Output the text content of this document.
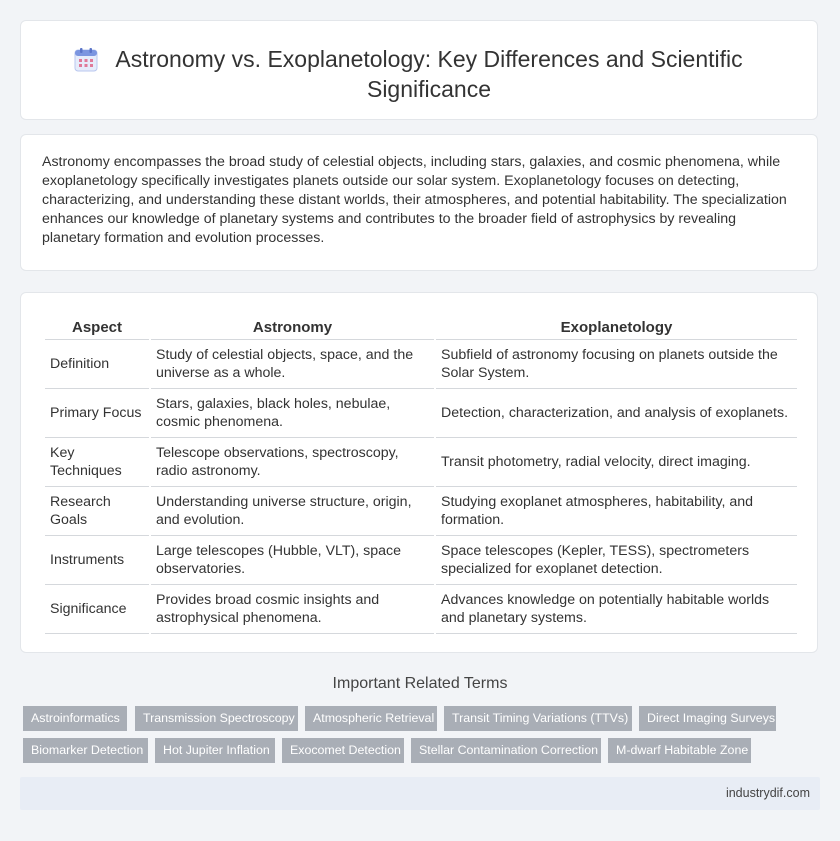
Astronomy vs. Exoplanetology: Key Differences and Scientific Significance
Astronomy encompasses the broad study of celestial objects, including stars, galaxies, and cosmic phenomena, while exoplanetology specifically investigates planets outside our solar system. Exoplanetology focuses on detecting, characterizing, and understanding these distant worlds, their atmospheres, and potential habitability. The specialization enhances our knowledge of planetary systems and contributes to the broader field of astrophysics by revealing planetary formation and evolution processes.
Aspect	Astronomy	Exoplanetology
Definition	Study of celestial objects, space, and the universe as a whole.	Subfield of astronomy focusing on planets outside the Solar System.
Primary Focus	Stars, galaxies, black holes, nebulae, cosmic phenomena.	Detection, characterization, and analysis of exoplanets.
Key Techniques	Telescope observations, spectroscopy, radio astronomy.	Transit photometry, radial velocity, direct imaging.
Research Goals	Understanding universe structure, origin, and evolution.	Studying exoplanet atmospheres, habitability, and formation.
Instruments	Large telescopes (Hubble, VLT), space observatories.	Space telescopes (Kepler, TESS), spectrometers specialized for exoplanet detection.
Significance	Provides broad cosmic insights and astrophysical phenomena.	Advances knowledge on potentially habitable worlds and planetary systems.
Important Related Terms
Astroinformatics	Transmission Spectroscopy	Atmospheric Retrieval	Transit Timing Variations (TTVs)	Direct Imaging Surveys
Biomarker Detection	Hot Jupiter Inflation	Exocomet Detection	Stellar Contamination Correction	M-dwarf Habitable Zone
industrydif.com
